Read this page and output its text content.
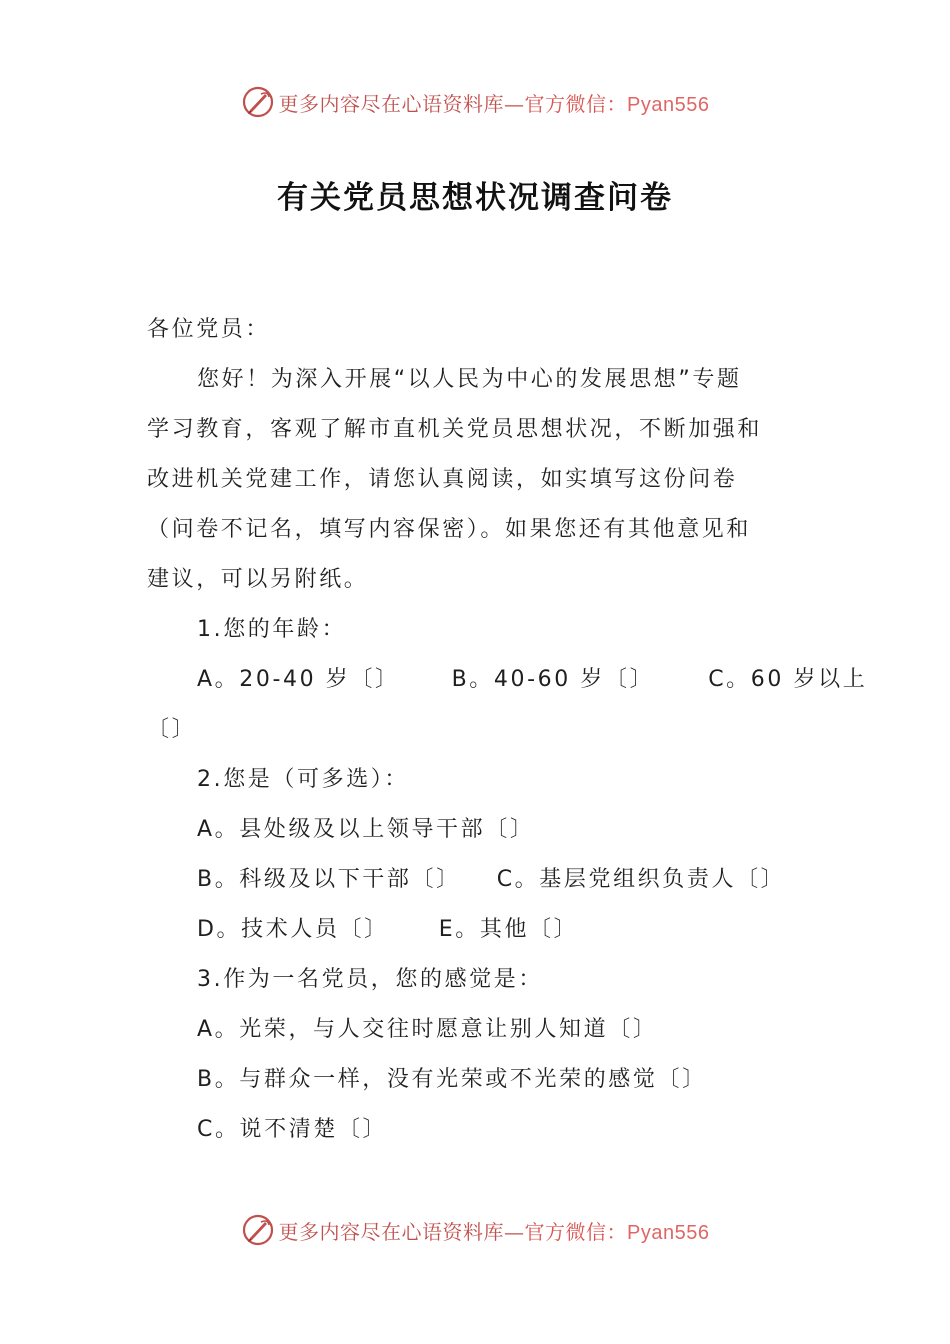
更多内容尽在心语资料库—官方微信：Pyan556
有关党员思想状况调查问卷

各位党员：

您好！为深入开展“以人民为中心的发展思想”专题

学习教育，客观了解市直机关党员思想状况，不断加强和

改进机关党建工作，请您认真阅读，如实填写这份问卷

（问卷不记名，填写内容保密）。如果您还有其他意见和

建议，可以另附纸。

1.您的年龄：

A。20-40 岁〔〕 B。40-60 岁〔〕 C。60 岁以上

〔〕

2.您是（可多选）：

A。县处级及以上领导干部〔〕

B。科级及以下干部〔〕 C。基层党组织负责人〔〕

D。技术人员〔〕 E。其他〔〕

3.作为一名党员，您的感觉是：

A。光荣，与人交往时愿意让别人知道〔〕

B。与群众一样，没有光荣或不光荣的感觉〔〕

C。说不清楚〔〕

更多内容尽在心语资料库—官方微信：Pyan556
